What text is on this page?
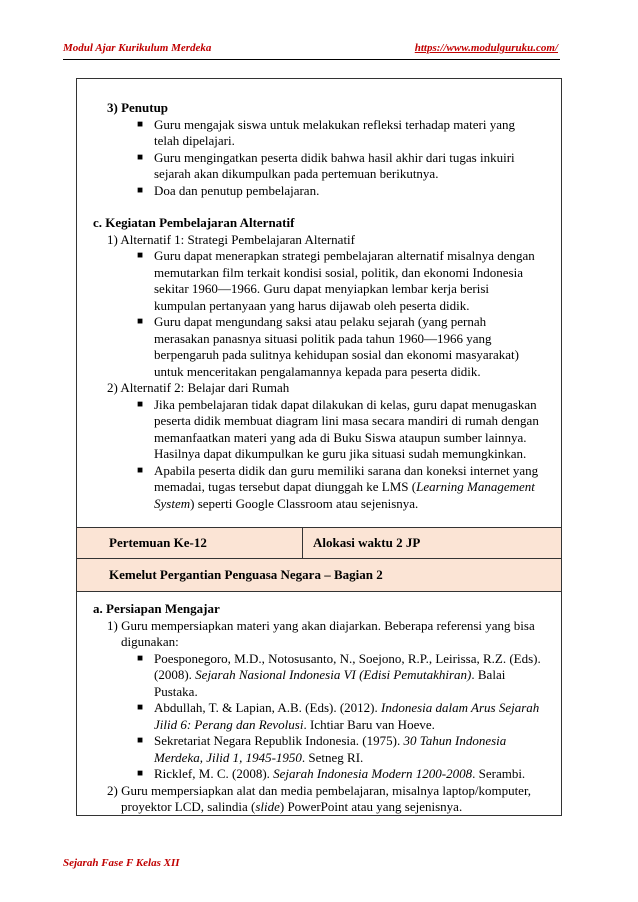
Modul Ajar Kurikulum Merdeka	https://www.modulguruku.com/

3) Penutup

■ Guru mengajak siswa untuk melakukan refleksi terhadap materi yang telah dipelajari.
■ Guru mengingatkan peserta didik bahwa hasil akhir dari tugas inkuiri sejarah akan dikumpulkan pada pertemuan berikutnya.
■ Doa dan penutup pembelajaran.

c. Kegiatan Pembelajaran Alternatif

1) Alternatif 1: Strategi Pembelajaran Alternatif

■ Guru dapat menerapkan strategi pembelajaran alternatif misalnya dengan memutarkan film terkait kondisi sosial, politik, dan ekonomi Indonesia sekitar 1960—1966. Guru dapat menyiapkan lembar kerja berisi kumpulan pertanyaan yang harus dijawab oleh peserta didik.
■ Guru dapat mengundang saksi atau pelaku sejarah (yang pernah merasakan panasnya situasi politik pada tahun 1960—1966 yang berpengaruh pada sulitnya kehidupan sosial dan ekonomi masyarakat) untuk menceritakan pengalamannya kepada para peserta didik.

2) Alternatif 2: Belajar dari Rumah

■ Jika pembelajaran tidak dapat dilakukan di kelas, guru dapat menugaskan peserta didik membuat diagram lini masa secara mandiri di rumah dengan memanfaatkan materi yang ada di Buku Siswa ataupun sumber lainnya. Hasilnya dapat dikumpulkan ke guru jika situasi sudah memungkinkan.
■ Apabila peserta didik dan guru memiliki sarana dan koneksi internet yang memadai, tugas tersebut dapat diunggah ke LMS (Learning Management System) seperti Google Classroom atau sejenisnya.
Pertemuan Ke-12	Alokasi waktu 2 JP
Kemelut Pergantian Penguasa Negara – Bagian 2

a. Persiapan Mengajar

1) Guru mempersiapkan materi yang akan diajarkan. Beberapa referensi yang bisa digunakan:

■ Poesponegoro, M.D., Notosusanto, N., Soejono, R.P., Leirissa, R.Z. (Eds). (2008). Sejarah Nasional Indonesia VI (Edisi Pemutakhiran). Balai Pustaka.
■ Abdullah, T. & Lapian, A.B. (Eds). (2012). Indonesia dalam Arus Sejarah Jilid 6: Perang dan Revolusi. Ichtiar Baru van Hoeve.
■ Sekretariat Negara Republik Indonesia. (1975). 30 Tahun Indonesia Merdeka, Jilid 1, 1945-1950. Setneg RI.
■ Ricklef, M. C. (2008). Sejarah Indonesia Modern 1200-2008. Serambi.

2) Guru mempersiapkan alat dan media pembelajaran, misalnya laptop/komputer, proyektor LCD, salindia (slide) PowerPoint atau yang sejenisnya.

Sejarah Fase F Kelas XII
